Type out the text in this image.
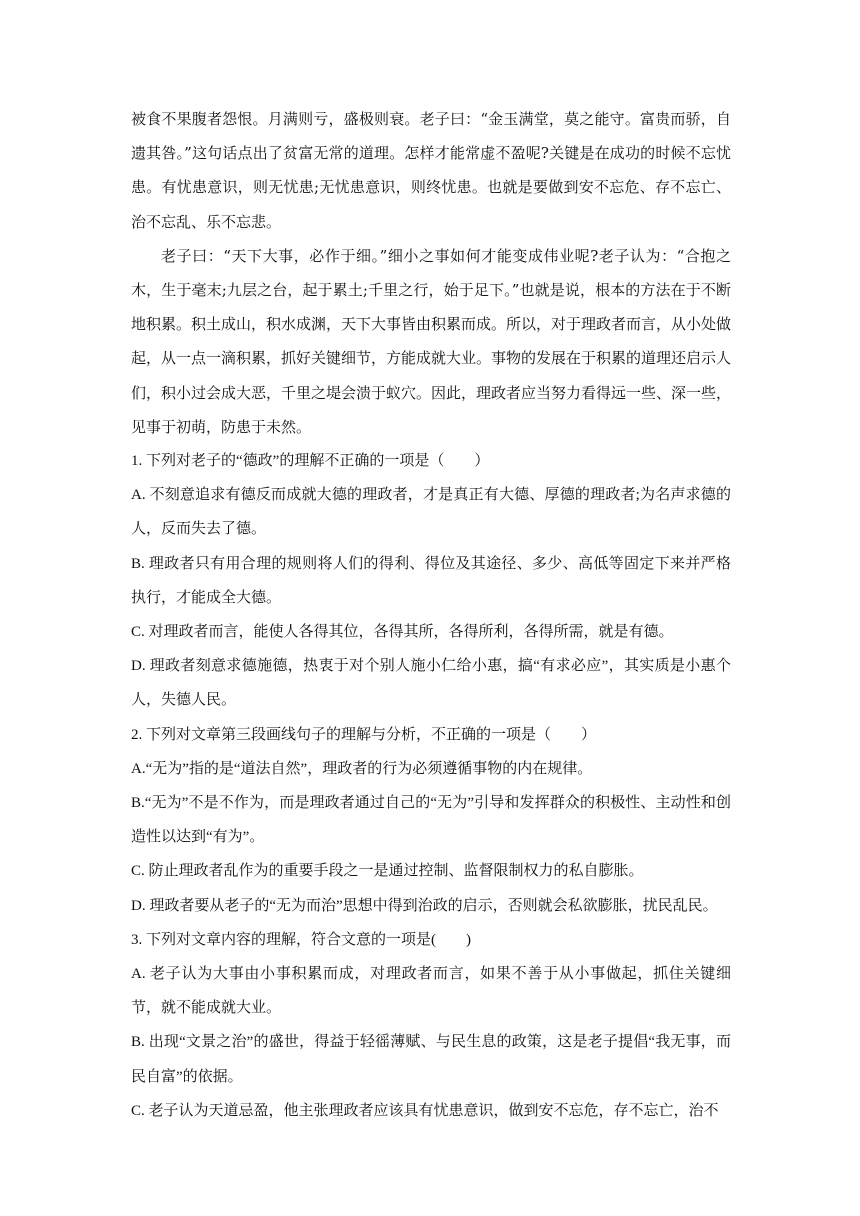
被食不果腹者怨恨。月满则亏，盛极则衰。老子曰：“金玉满堂，莫之能守。富贵而骄，自遗其咎。”这句话点出了贫富无常的道理。怎样才能常虚不盈呢?关键是在成功的时候不忘忧患。有忧患意识，则无忧患;无忧患意识，则终忧患。也就是要做到安不忘危、存不忘亡、治不忘乱、乐不忘悲。

老子曰：“天下大事，必作于细。”细小之事如何才能变成伟业呢?老子认为：“合抱之木，生于毫末;九层之台，起于累土;千里之行，始于足下。”也就是说，根本的方法在于不断地积累。积土成山，积水成渊，天下大事皆由积累而成。所以，对于理政者而言，从小处做起，从一点一滴积累，抓好关键细节，方能成就大业。事物的发展在于积累的道理还启示人们，积小过会成大恶，千里之堤会溃于蚁穴。因此，理政者应当努力看得远一些、深一些，见事于初萌，防患于未然。

1. 下列对老子的“德政”的理解不正确的一项是（　　）

A. 不刻意追求有德反而成就大德的理政者，才是真正有大德、厚德的理政者;为名声求德的人，反而失去了德。

B. 理政者只有用合理的规则将人们的得利、得位及其途径、多少、高低等固定下来并严格执行，才能成全大德。

C. 对理政者而言，能使人各得其位，各得其所，各得所利，各得所需，就是有德。

D. 理政者刻意求德施德，热衷于对个别人施小仁给小惠，搞“有求必应”，其实质是小惠个人，失德人民。

2. 下列对文章第三段画线句子的理解与分析，不正确的一项是（　　）

A.“无为”指的是“道法自然”，理政者的行为必须遵循事物的内在规律。

B.“无为”不是不作为，而是理政者通过自己的“无为”引导和发挥群众的积极性、主动性和创造性以达到“有为”。

C. 防止理政者乱作为的重要手段之一是通过控制、监督限制权力的私自膨胀。

D. 理政者要从老子的“无为而治”思想中得到治政的启示，否则就会私欲膨胀，扰民乱民。

3. 下列对文章内容的理解，符合文意的一项是(　　)

A. 老子认为大事由小事积累而成，对理政者而言，如果不善于从小事做起，抓住关键细节，就不能成就大业。

B. 出现“文景之治”的盛世，得益于轻徭薄赋、与民生息的政策，这是老子提倡“我无事，而民自富”的依据。

C. 老子认为天道忌盈，他主张理政者应该具有忧患意识，做到安不忘危，存不忘亡，治不
